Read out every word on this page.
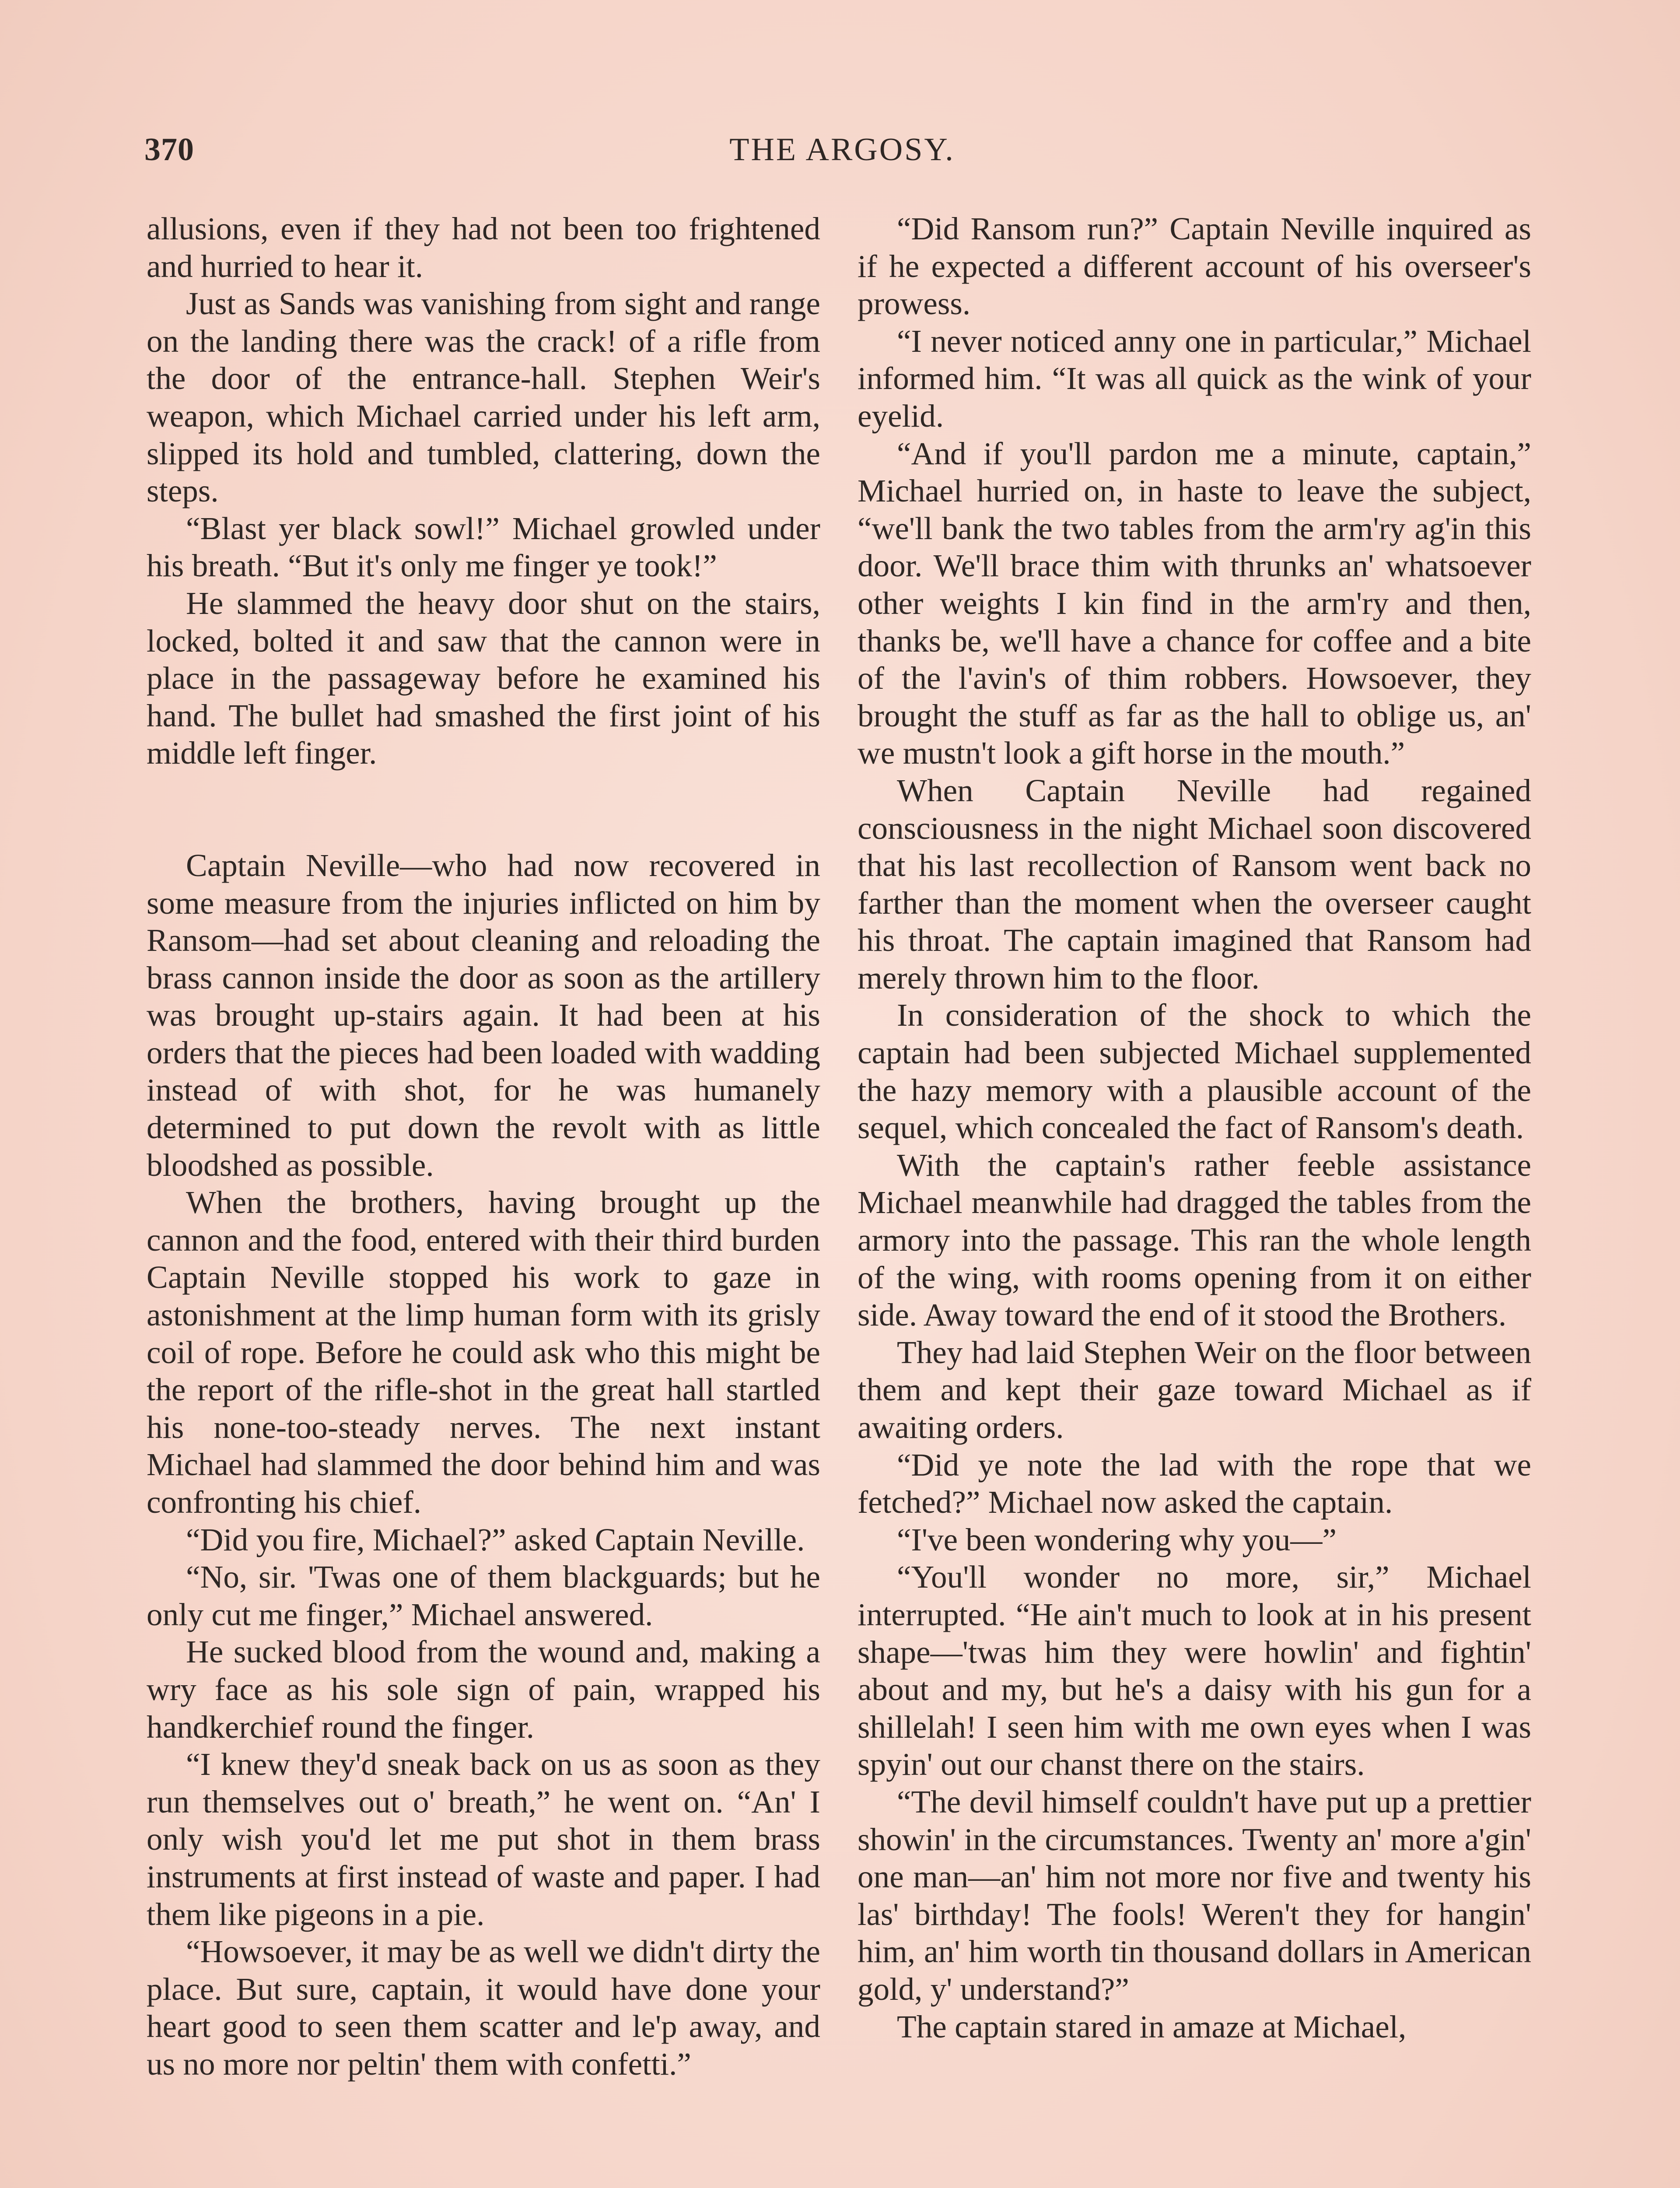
370	THE ARGOSY.

allusions, even if they had not been too frightened and hurried to hear it.

Just as Sands was vanishing from sight and range on the landing there was the crack! of a rifle from the door of the entrance-hall. Stephen Weir's weapon, which Michael carried under his left arm, slipped its hold and tumbled, clattering, down the steps.

“Blast yer black sowl!” Michael growled under his breath. “But it's only me finger ye took!”

He slammed the heavy door shut on the stairs, locked, bolted it and saw that the cannon were in place in the passageway before he examined his hand. The bullet had smashed the first joint of his middle left finger.

Captain Neville—who had now recovered in some measure from the injuries inflicted on him by Ransom—had set about cleaning and reloading the brass cannon inside the door as soon as the artillery was brought up-stairs again. It had been at his orders that the pieces had been loaded with wadding instead of with shot, for he was humanely determined to put down the revolt with as little bloodshed as possible.

When the brothers, having brought up the cannon and the food, entered with their third burden Captain Neville stopped his work to gaze in astonishment at the limp human form with its grisly coil of rope. Before he could ask who this might be the report of the rifle-shot in the great hall startled his none-too-steady nerves. The next instant Michael had slammed the door behind him and was confronting his chief.

“Did you fire, Michael?” asked Captain Neville.

“No, sir. 'Twas one of them blackguards; but he only cut me finger,” Michael answered.

He sucked blood from the wound and, making a wry face as his sole sign of pain, wrapped his handkerchief round the finger.

“I knew they'd sneak back on us as soon as they run themselves out o' breath,” he went on. “An' I only wish you'd let me put shot in them brass instruments at first instead of waste and paper. I had them like pigeons in a pie.

“Howsoever, it may be as well we didn't dirty the place. But sure, captain, it would have done your heart good to seen them scatter and le'p away, and us no more nor peltin' them with confetti.”

“Did Ransom run?” Captain Neville inquired as if he expected a different account of his overseer's prowess.

“I never noticed anny one in particular,” Michael informed him. “It was all quick as the wink of your eyelid.

“And if you'll pardon me a minute, captain,” Michael hurried on, in haste to leave the subject, “we'll bank the two tables from the arm'ry ag'in this door. We'll brace thim with thrunks an' whatsoever other weights I kin find in the arm'ry and then, thanks be, we'll have a chance for coffee and a bite of the l'avin's of thim robbers. Howsoever, they brought the stuff as far as the hall to oblige us, an' we mustn't look a gift horse in the mouth.”

When Captain Neville had regained consciousness in the night Michael soon discovered that his last recollection of Ransom went back no farther than the moment when the overseer caught his throat. The captain imagined that Ransom had merely thrown him to the floor.

In consideration of the shock to which the captain had been subjected Michael supplemented the hazy memory with a plausible account of the sequel, which concealed the fact of Ransom's death.

With the captain's rather feeble assistance Michael meanwhile had dragged the tables from the armory into the passage. This ran the whole length of the wing, with rooms opening from it on either side. Away toward the end of it stood the Brothers.

They had laid Stephen Weir on the floor between them and kept their gaze toward Michael as if awaiting orders.

“Did ye note the lad with the rope that we fetched?” Michael now asked the captain.

“I've been wondering why you—”

“You'll wonder no more, sir,” Michael interrupted. “He ain't much to look at in his present shape—'twas him they were howlin' and fightin' about and my, but he's a daisy with his gun for a shillelah! I seen him with me own eyes when I was spyin' out our chanst there on the stairs.

“The devil himself couldn't have put up a prettier showin' in the circumstances. Twenty an' more a'gin' one man—an' him not more nor five and twenty his las' birthday! The fools! Weren't they for hangin' him, an' him worth tin thousand dollars in American gold, y' understand?”

The captain stared in amaze at Michael,
